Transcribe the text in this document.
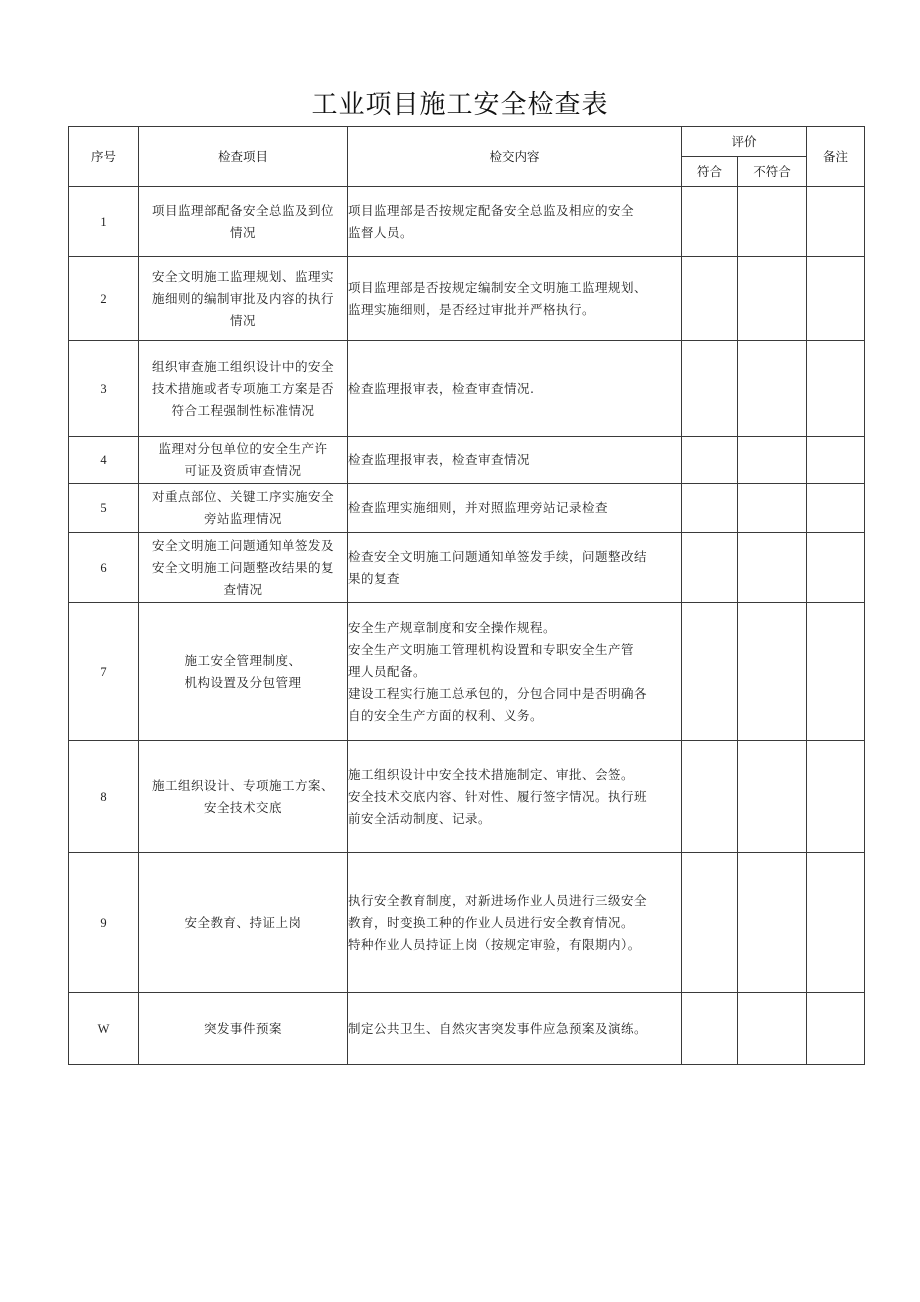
工业项目施工安全检查表
序号	检查项目	检交内容	评价		备注
			符合	不符合	
1	项目监理部配备安全总监及到位
情况	项目监理部是否按规定配备安全总监及相应的安全
监督人员。			

2	安全文明施工监理规划、监理实
施细则的编制审批及内容的执行
情况	项目监理部是否按规定编制安全文明施工监理规划、
监理实施细则，是否经过审批并严格执行。			

3	组织审查施工组织设计中的安全
技术措施或者专项施工方案是否
符合工程强制性标准情况	检查监理报审表，检查审查情况.			

4	监理对分包单位的安全生产许
可证及资质审查情况	检查监理报审表，检查审查情况			

5	对重点部位、关键工序实施安全
旁站监理情况	检查监理实施细则，并对照监理旁站记录检查			

6	安全文明施工问题通知单签发及
安全文明施工问题整改结果的复
查情况	检查安全文明施工问题通知单签发手续，问题整改结
果的复查			

7	施工安全管理制度、
机构设置及分包管理	安全生产规章制度和安全操作规程。
安全生产文明施工管理机构设置和专职安全生产管
理人员配备。
建设工程实行施工总承包的，分包合同中是否明确各
自的安全生产方面的权利、义务。			

8	施工组织设计、专项施工方案、
安全技术交底	施工组织设计中安全技术措施制定、审批、会签。
安全技术交底内容、针对性、履行签字情况。执行班
前安全活动制度、记录。			

9	安全教育、持证上岗	执行安全教育制度，对新进场作业人员进行三级安全
教育，时变换工种的作业人员进行安全教育情况。
特种作业人员持证上岗（按规定审验，有限期内）。			

W	突发事件预案	制定公共卫生、自然灾害突发事件应急预案及演练。			
